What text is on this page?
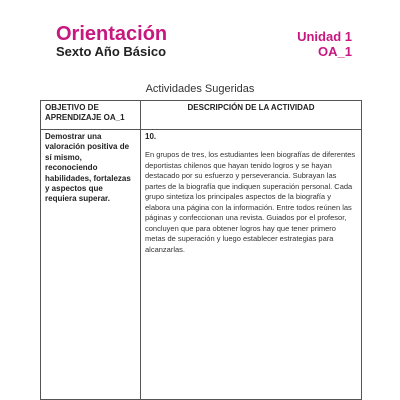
Orientación
Sexto Año Básico
Unidad 1
OA_1
Actividades Sugeridas
OBJETIVO DE APRENDIZAJE OA_1	DESCRIPCIÓN DE LA ACTIVIDAD

Demostrar una valoración positiva de sí mismo, reconociendo habilidades, fortalezas y aspectos que requiera superar.	10.
En grupos de tres, los estudiantes leen biografías de diferentes deportistas chilenos que hayan tenido logros y se hayan destacado por su esfuerzo y perseverancia. Subrayan las partes de la biografía que indiquen superación personal. Cada grupo sintetiza los principales aspectos de la biografía y elabora una página con la información. Entre todos reúnen las páginas y confeccionan una revista. Guiados por el profesor, concluyen que para obtener logros hay que tener primero metas de superación y luego establecer estrategias para alcanzarlas.
